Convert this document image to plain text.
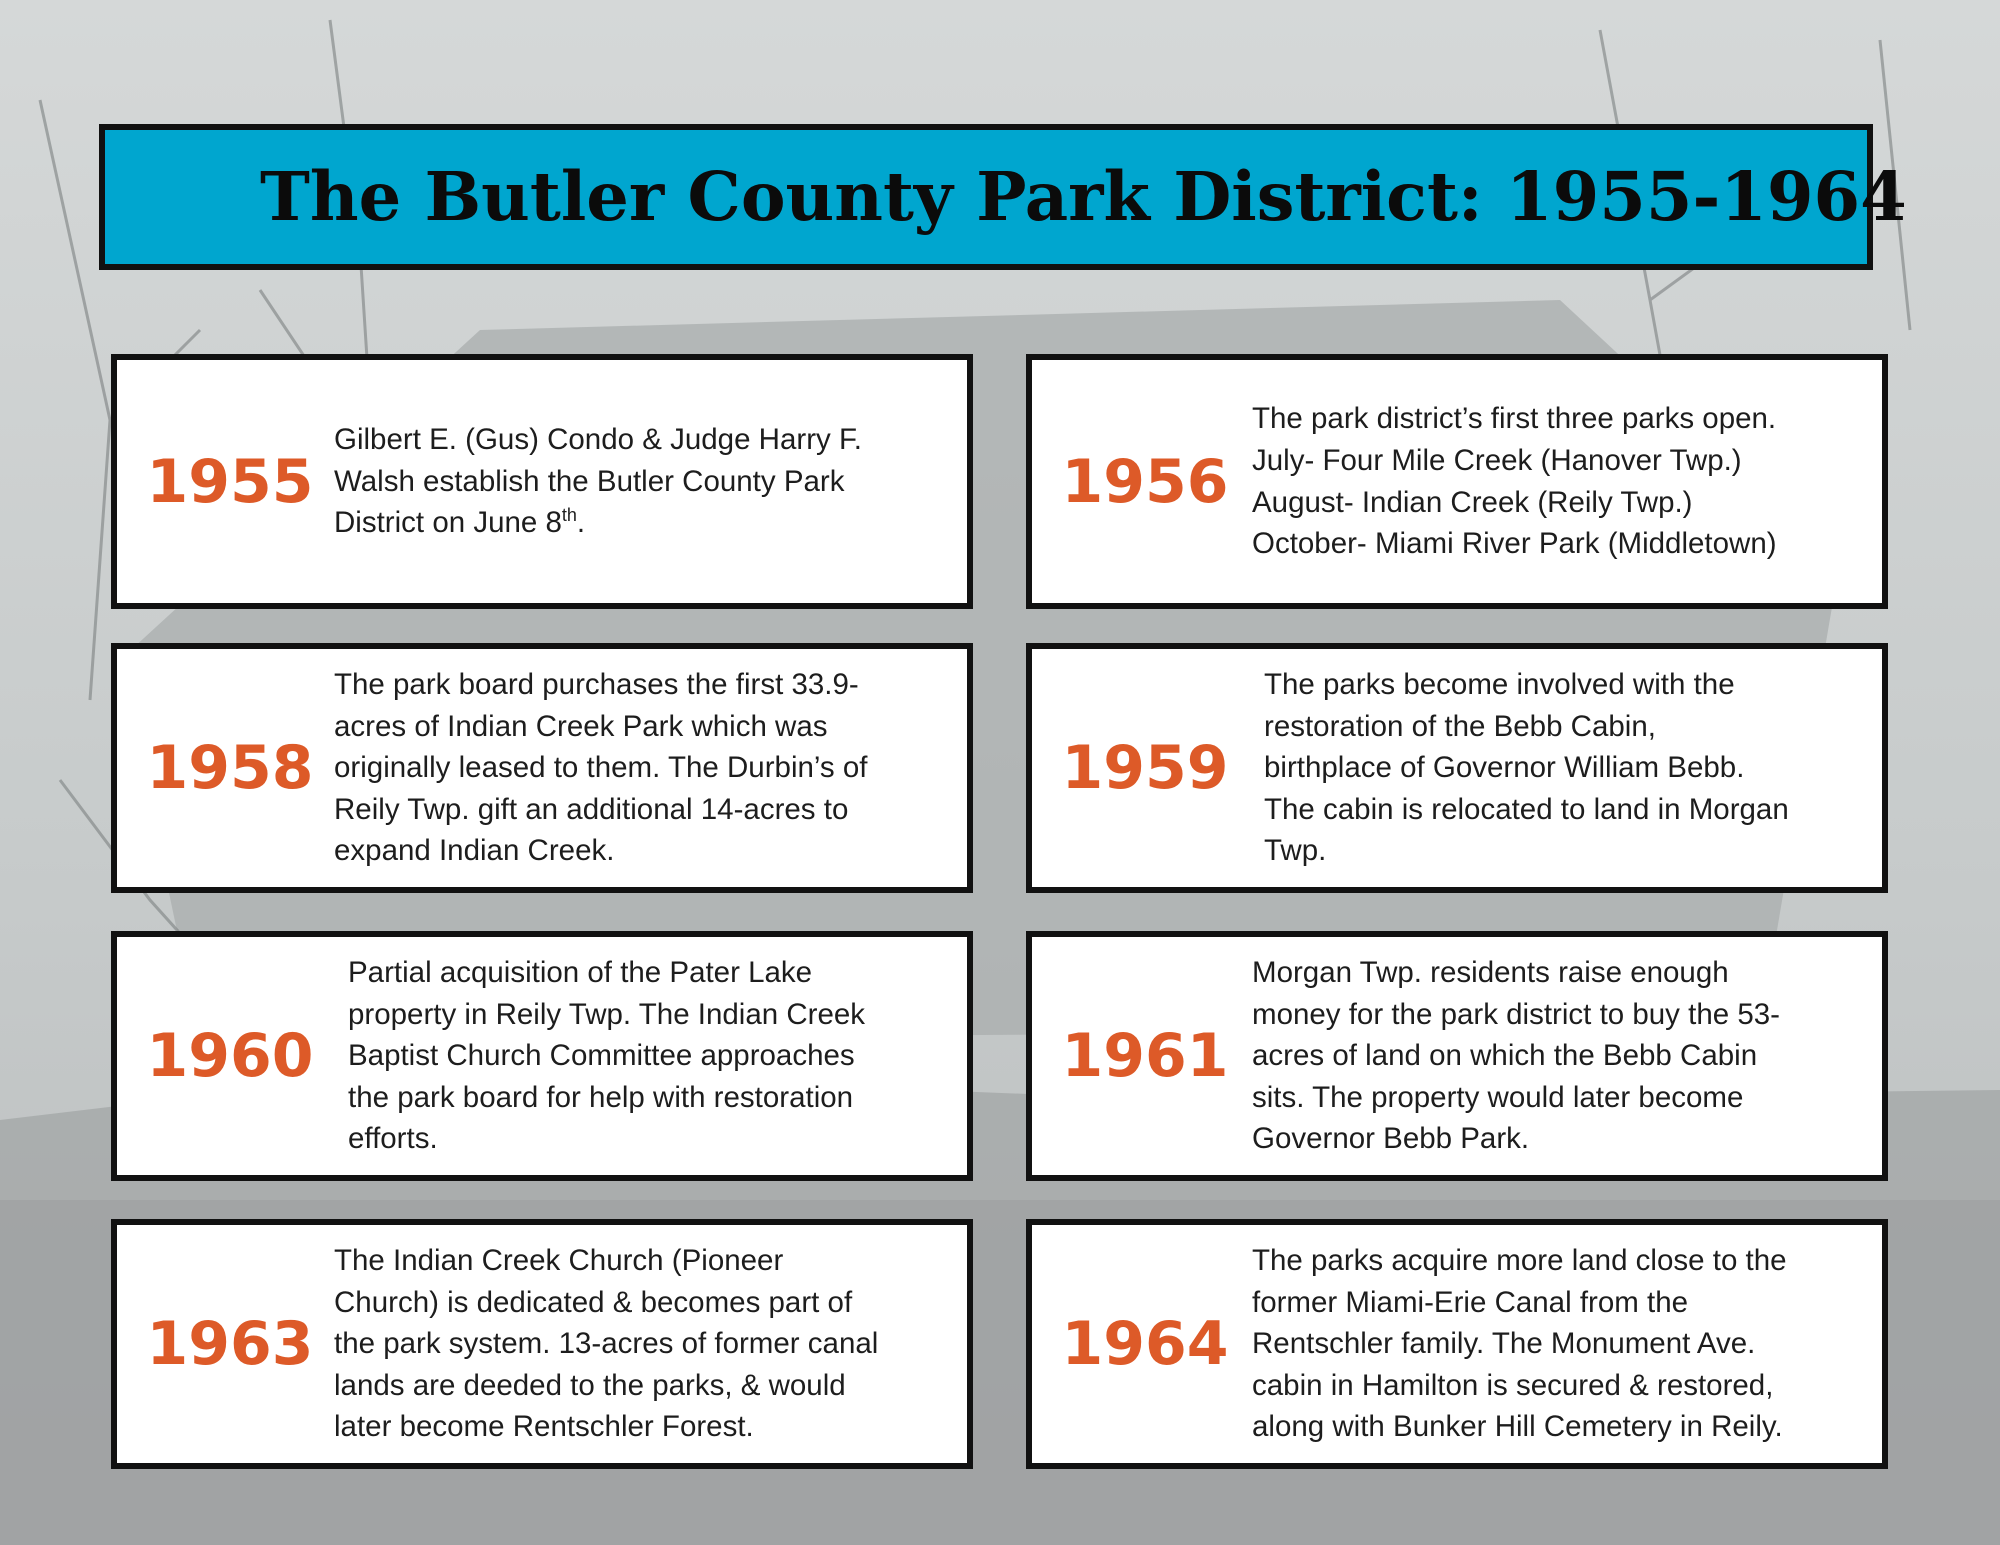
The Butler County Park District: 1955-1964
1955
Gilbert E. (Gus) Condo & Judge Harry F.
Walsh establish the Butler County Park
District on June 8th.
1956
The park district’s first three parks open.
July- Four Mile Creek (Hanover Twp.)
August- Indian Creek (Reily Twp.)
October- Miami River Park (Middletown)
1958
The park board purchases the first 33.9-
acres of Indian Creek Park which was
originally leased to them. The Durbin’s of
Reily Twp. gift an additional 14-acres to
expand Indian Creek.
1959
The parks become involved with the
restoration of the Bebb Cabin,
birthplace of Governor William Bebb.
The cabin is relocated to land in Morgan
Twp.
1960
Partial acquisition of the Pater Lake
property in Reily Twp. The Indian Creek
Baptist Church Committee approaches
the park board for help with restoration
efforts.
1961
Morgan Twp. residents raise enough
money for the park district to buy the 53-
acres of land on which the Bebb Cabin
sits. The property would later become
Governor Bebb Park.
1963
The Indian Creek Church (Pioneer
Church) is dedicated & becomes part of
the park system. 13-acres of former canal
lands are deeded to the parks, & would
later become Rentschler Forest.
1964
The parks acquire more land close to the
former Miami-Erie Canal from the
Rentschler family. The Monument Ave.
cabin in Hamilton is secured & restored,
along with Bunker Hill Cemetery in Reily.
